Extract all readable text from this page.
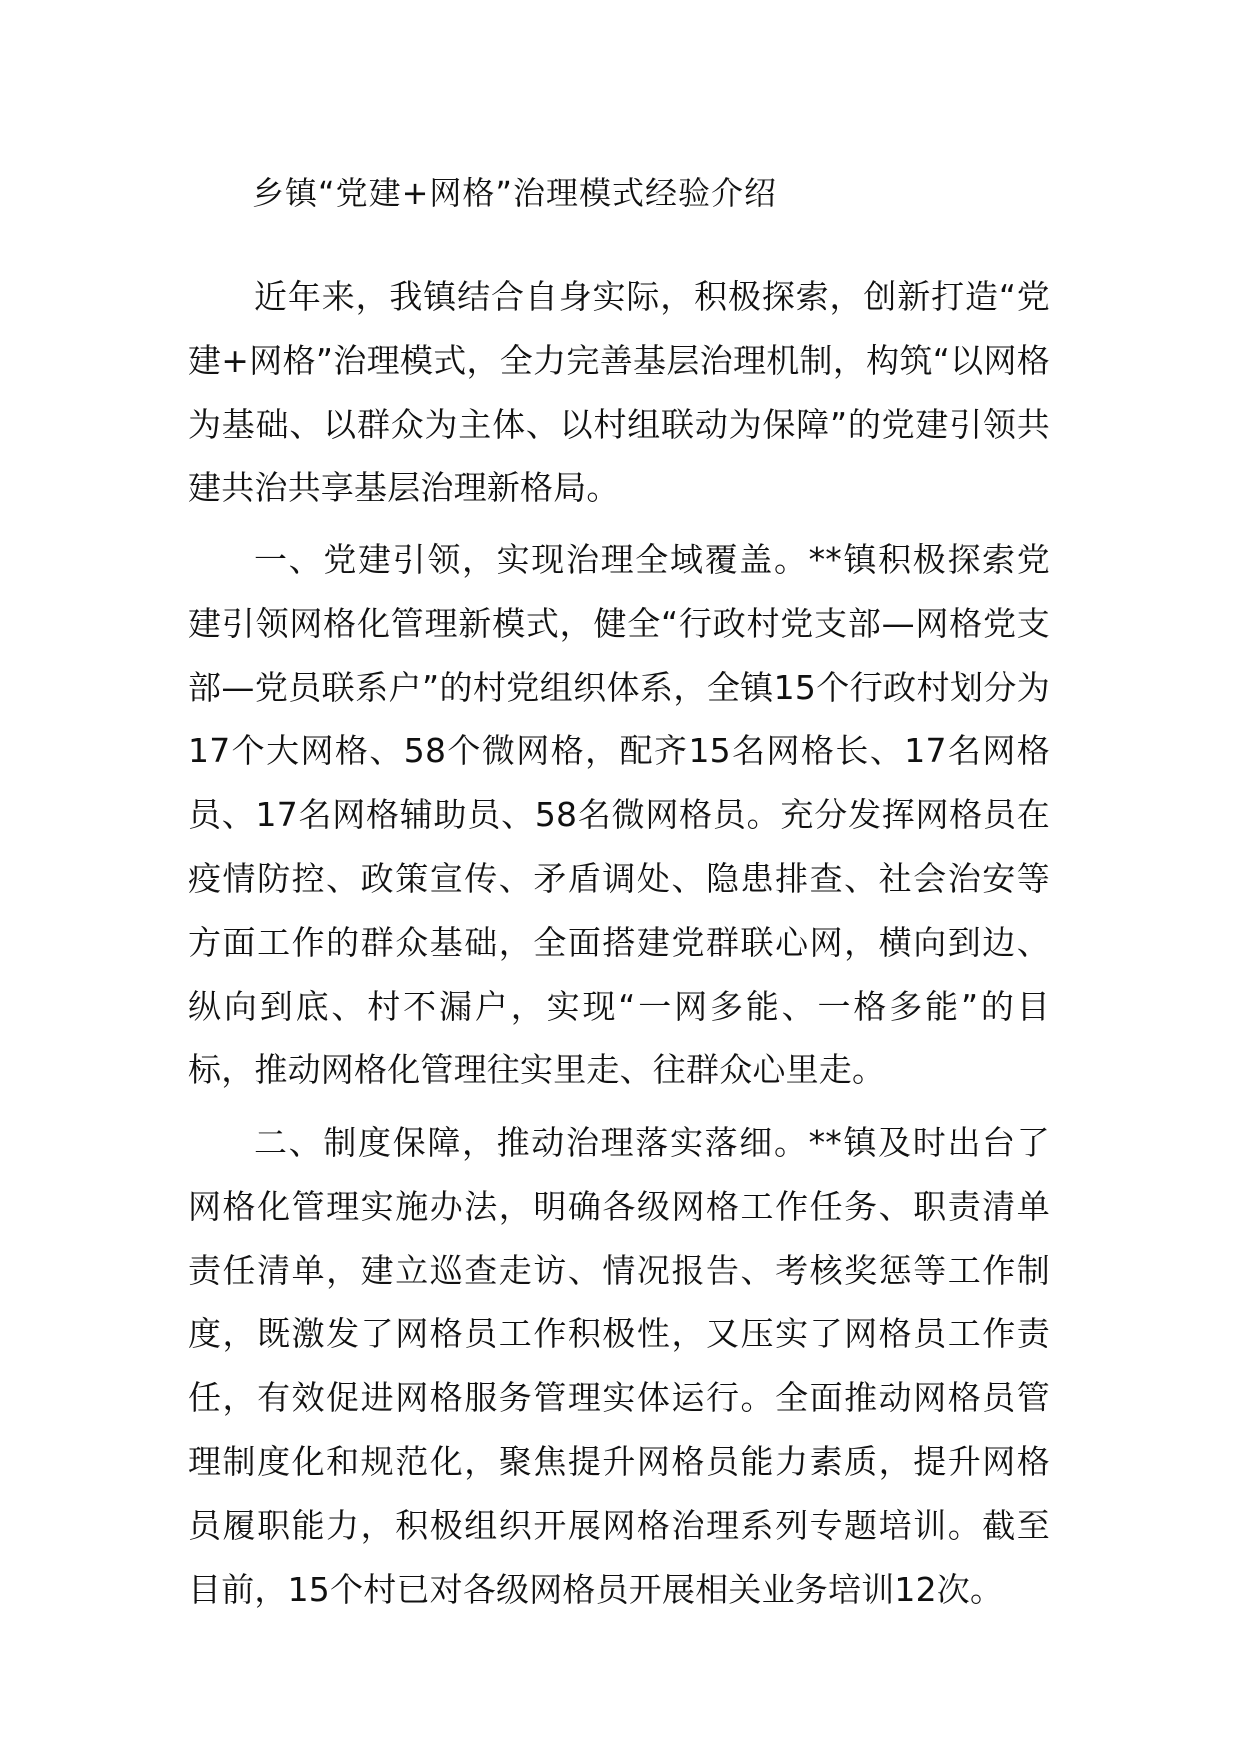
乡镇“党建+网格”治理模式经验介绍

近年来，我镇结合自身实际，积极探索，创新打造“党建+网格”治理模式，全力完善基层治理机制，构筑“以网格为基础、以群众为主体、以村组联动为保障”的党建引领共建共治共享基层治理新格局。

一、党建引领，实现治理全域覆盖。**镇积极探索党建引领网格化管理新模式，健全“行政村党支部—网格党支部—党员联系户”的村党组织体系，全镇15个行政村划分为17个大网格、58个微网格，配齐15名网格长、17名网格员、17名网格辅助员、58名微网格员。充分发挥网格员在疫情防控、政策宣传、矛盾调处、隐患排查、社会治安等方面工作的群众基础，全面搭建党群联心网，横向到边、纵向到底、村不漏户，实现“一网多能、一格多能”的目标，推动网格化管理往实里走、往群众心里走。

二、制度保障，推动治理落实落细。**镇及时出台了网格化管理实施办法，明确各级网格工作任务、职责清单责任清单，建立巡查走访、情况报告、考核奖惩等工作制度，既激发了网格员工作积极性，又压实了网格员工作责任，有效促进网格服务管理实体运行。全面推动网格员管理制度化和规范化，聚焦提升网格员能力素质，提升网格员履职能力，积极组织开展网格治理系列专题培训。截至目前，15个村已对各级网格员开展相关业务培训12次。
